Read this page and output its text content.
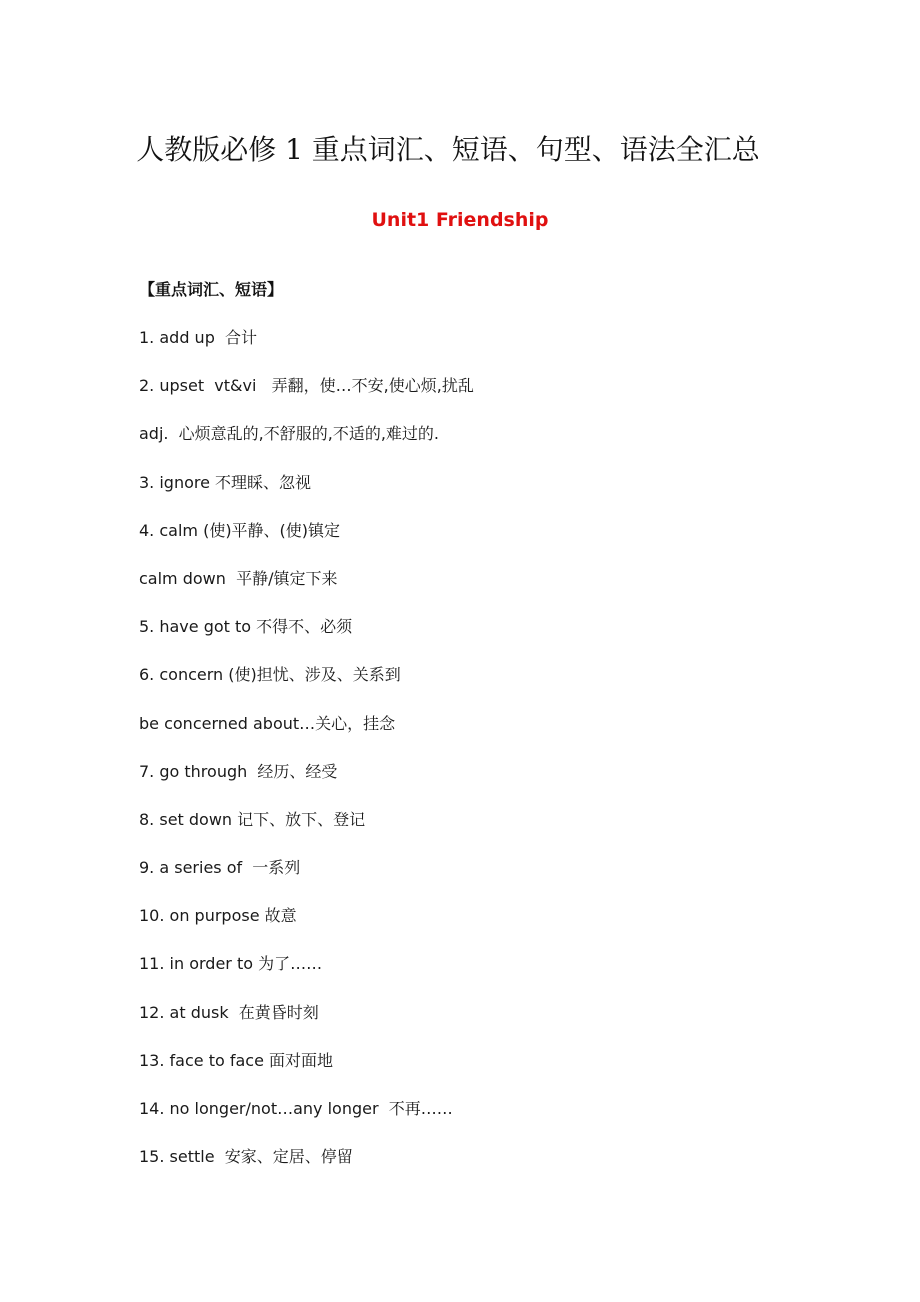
人教版必修 1 重点词汇、短语、句型、语法全汇总
Unit1 Friendship
【重点词汇、短语】
1. add up  合计
2. upset  vt&vi   弄翻，使…不安,使心烦,扰乱
adj.  心烦意乱的,不舒服的,不适的,难过的.
3. ignore 不理睬、忽视
4. calm (使)平静、(使)镇定
calm down  平静/镇定下来
5. have got to 不得不、必须
6. concern (使)担忧、涉及、关系到
be concerned about…关心，挂念
7. go through  经历、经受
8. set down 记下、放下、登记
9. a series of  一系列
10. on purpose 故意
11. in order to 为了……
12. at dusk  在黄昏时刻
13. face to face 面对面地
14. no longer/not…any longer  不再……
15. settle  安家、定居、停留
